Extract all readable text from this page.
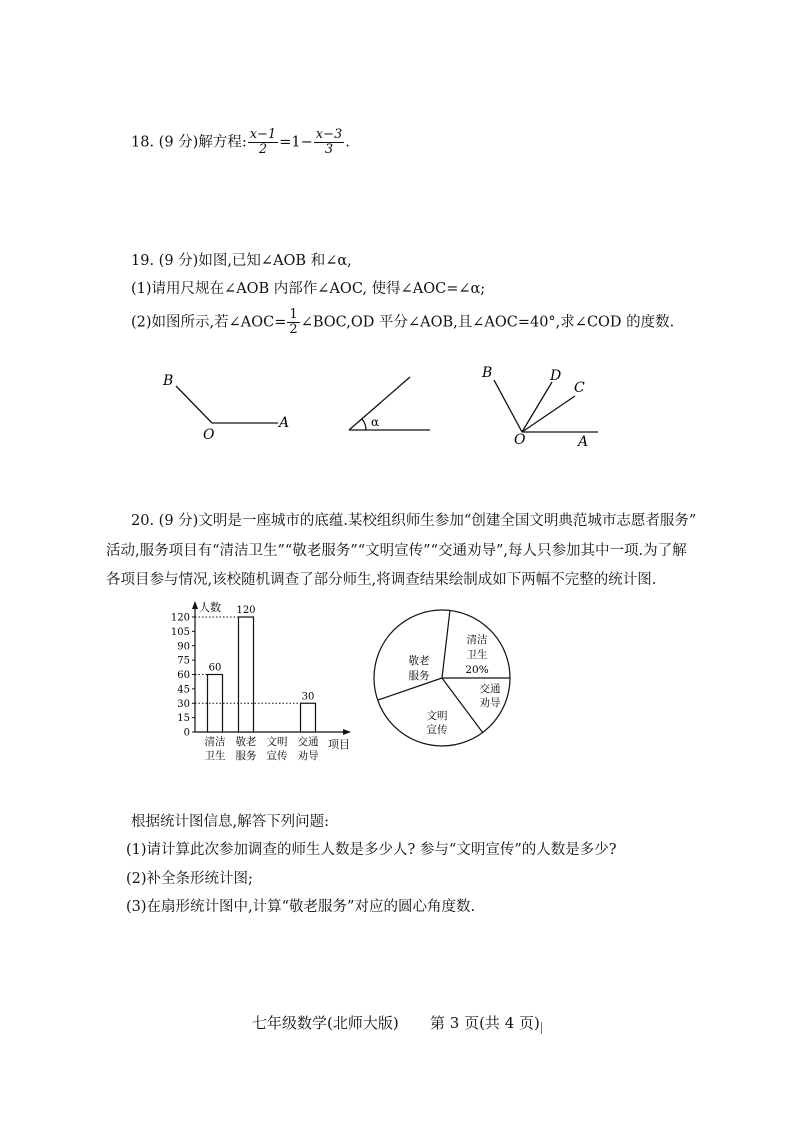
18. (9 分)解方程: $\frac{x-1}{2} =1- \frac{x-3}{3}$ .
19. (9 分)如图,已知∠AOB 和∠α,
(1)请用尺规在∠AOB 内部作∠AOC, 使得∠AOC=∠α;
(2)如图所示,若∠AOC= $\frac{1}{2}$ ∠BOC,OD 平分∠AOB,且∠AOC=40°,求∠COD 的度数.
B
O
A	α
B	D
C
O	A
20. (9 分)文明是一座城市的底蕴.某校组织师生参加“创建全国文明典范城市志愿者服务”
活动,服务项目有“清洁卫生”“敬老服务”“文明宣传”“交通劝导”,每人只参加其中一项.为了解
各项目参与情况,该校随机调查了部分师生,将调查结果绘制成如下两幅不完整的统计图.
人数
项目
0
15
30
45
60
75
90
105
120
60
120
30
清洁
卫生
敬老
服务
文明
宣传
交通
劝导
清洁
卫生
20%
交通
劝导
文明
宣传
敬老
服务
根据统计图信息,解答下列问题:
(1)请计算此次参加调查的师生人数是多少人? 参与“文明宣传”的人数是多少?
(2)补全条形统计图;
(3)在扇形统计图中,计算“敬老服务”对应的圆心角度数.
七年级数学(北师大版) 第 3 页(共 4 页)
